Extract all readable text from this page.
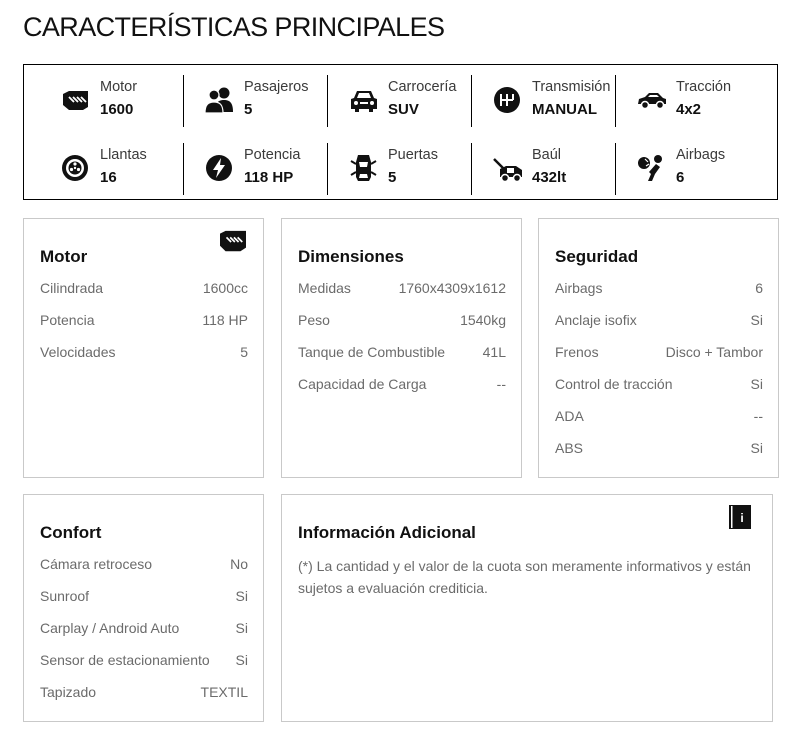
CARACTERÍSTICAS PRINCIPALES
Motor
1600
Pasajeros
5
Carrocería
SUV
Transmisión
MANUAL
Tracción
4x2
Llantas
16
Potencia
118 HP
Puertas
5
Baúl
432lt
Airbags
6
Motor
Cilindrada	1600cc
Potencia	118 HP
Velocidades	5
Dimensiones
Medidas	1760x4309x1612
Peso	1540kg
Tanque de Combustible	41L
Capacidad de Carga	--
Seguridad
Airbags	6
Anclaje isofix	Si
Frenos	Disco + Tambor
Control de tracción	Si
ADA	--
ABS	Si
Confort
Cámara retroceso	No
Sunroof	Si
Carplay / Android Auto	Si
Sensor de estacionamiento Si
Tapizado	TEXTIL
i
Información Adicional

(*) La cantidad y el valor de la cuota son meramente informativos y están sujetos a evaluación crediticia.
